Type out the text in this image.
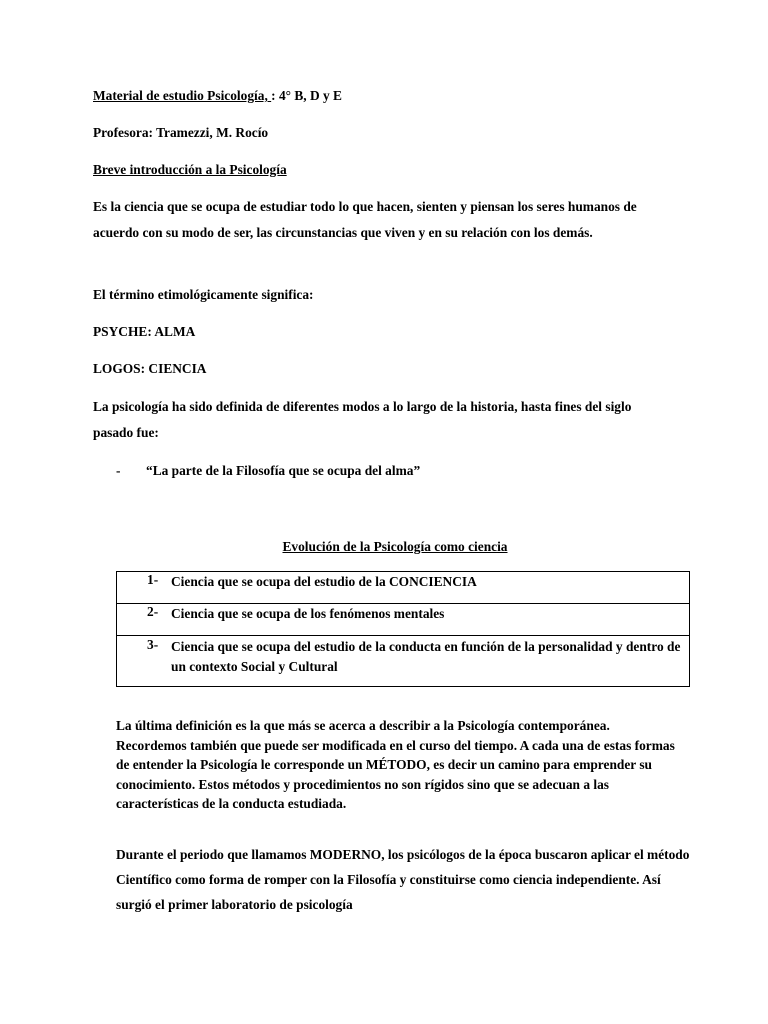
Material de estudio Psicología, : 4° B, D y E
Profesora: Tramezzi, M. Rocío
Breve introducción a la Psicología
Es la ciencia que se ocupa de estudiar todo lo que hacen, sienten y piensan los seres humanos de acuerdo con su modo de ser, las circunstancias que viven y en su relación con los demás.
El término etimológicamente significa:
PSYCHE: ALMA
LOGOS: CIENCIA
La psicología ha sido definida de diferentes modos a lo largo de la historia, hasta fines del siglo pasado fue:
- “La parte de la Filosofía que se ocupa del alma”
Evolución de la Psicología como ciencia
1- Ciencia que se ocupa del estudio de la CONCIENCIA

2- Ciencia que se ocupa de los fenómenos mentales

3- Ciencia que se ocupa del estudio de la conducta en función de la personalidad y dentro de un contexto Social y Cultural
La última definición es la que más se acerca a describir a la Psicología contemporánea. Recordemos también que puede ser modificada en el curso del tiempo. A cada una de estas formas de entender la Psicología le corresponde un MÉTODO, es decir un camino para emprender su conocimiento. Estos métodos y procedimientos no son rígidos sino que se adecuan a las características de la conducta estudiada.
Durante el periodo que llamamos MODERNO, los psicólogos de la época buscaron aplicar el método Científico como forma de romper con la Filosofía y constituirse como ciencia independiente. Así surgió el primer laboratorio de psicología
